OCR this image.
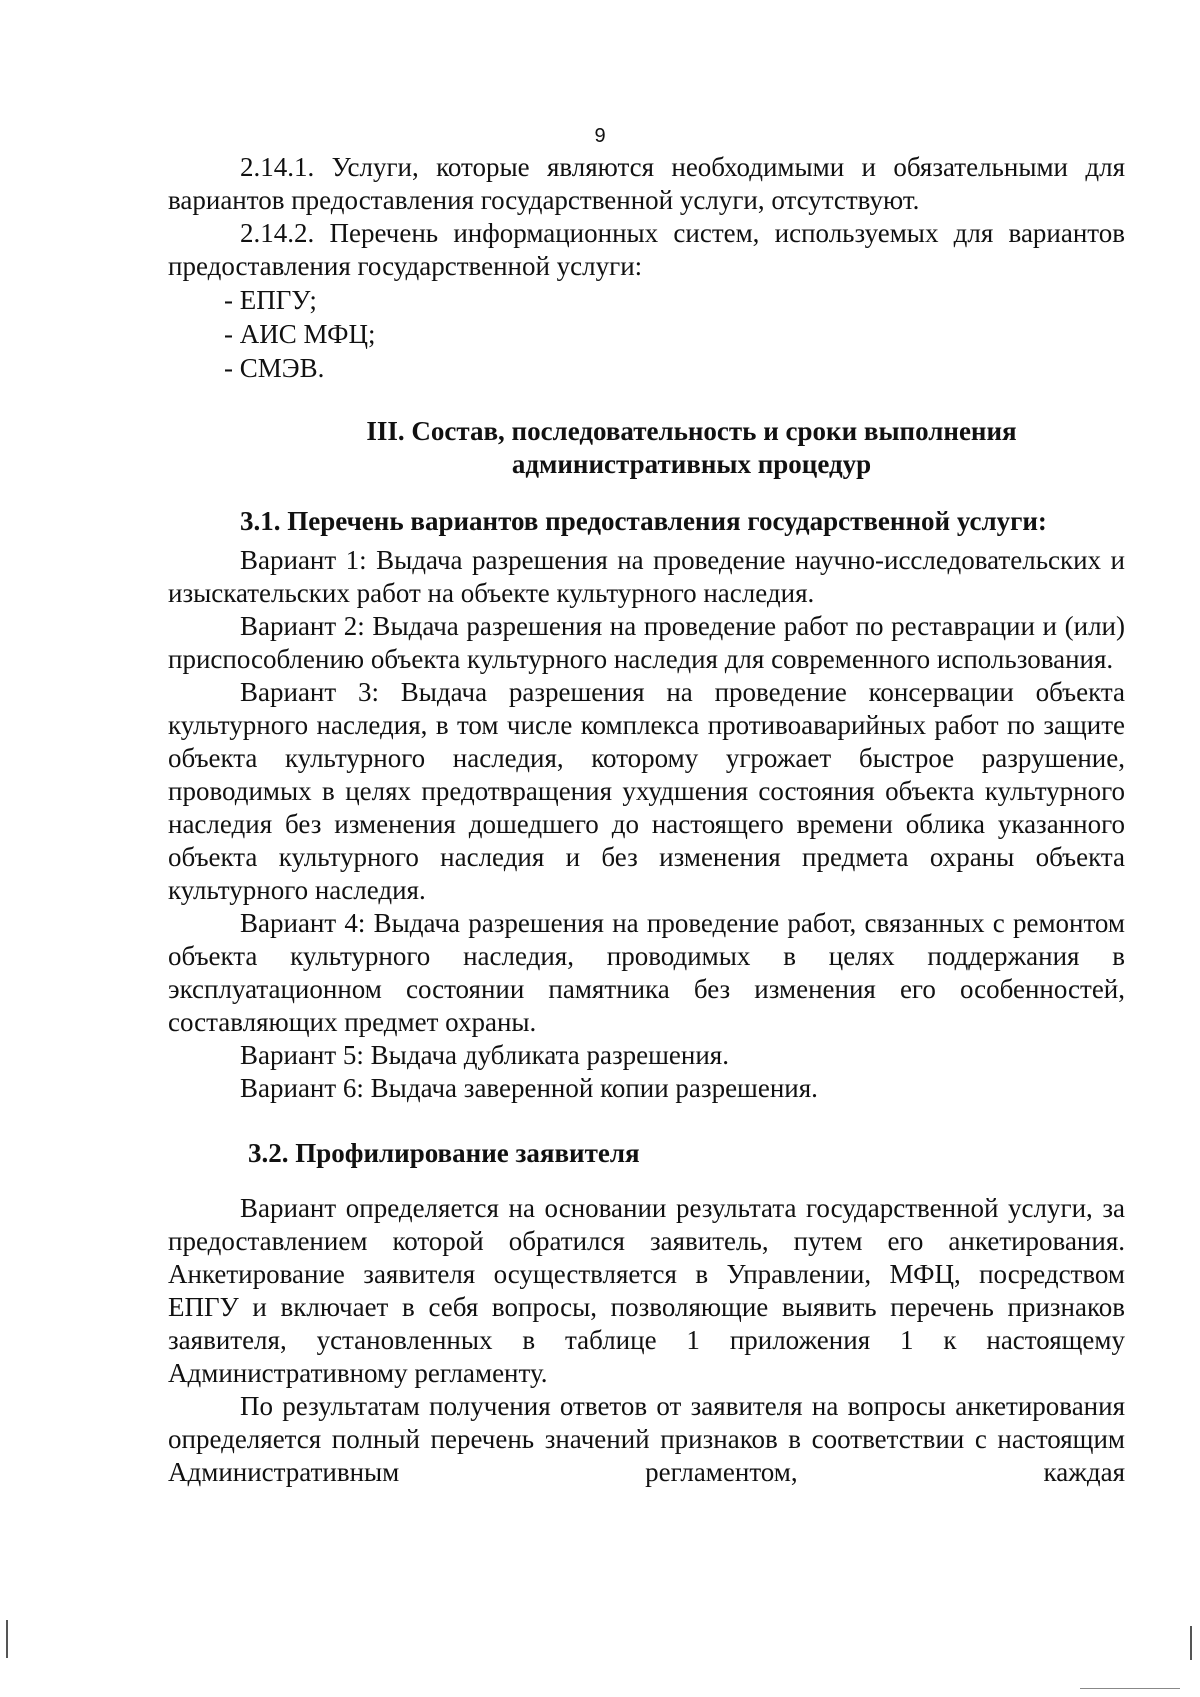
9

2.14.1. Услуги, которые являются необходимыми и обязательными для вариантов предоставления государственной услуги, отсутствуют.

2.14.2. Перечень информационных систем, используемых для вариантов предоставления государственной услуги:

- ЕПГУ;
- АИС МФЦ;
- СМЭВ.
III. Состав, последовательность и сроки выполнения
административных процедур
3.1. Перечень вариантов предоставления государственной услуги:

Вариант 1: Выдача разрешения на проведение научно-исследовательских и изыскательских работ на объекте культурного наследия.

Вариант 2: Выдача разрешения на проведение работ по реставрации и (или) приспособлению объекта культурного наследия для современного использования.

Вариант 3: Выдача разрешения на проведение консервации объекта культурного наследия, в том числе комплекса противоаварийных работ по защите объекта культурного наследия, которому угрожает быстрое разрушение, проводимых в целях предотвращения ухудшения состояния объекта культурного наследия без изменения дошедшего до настоящего времени облика указанного объекта культурного наследия и без изменения предмета охраны объекта культурного наследия.

Вариант 4: Выдача разрешения на проведение работ, связанных с ремонтом объекта культурного наследия, проводимых в целях поддержания в эксплуатационном состоянии памятника без изменения его особенностей, составляющих предмет охраны.

Вариант 5: Выдача дубликата разрешения.

Вариант 6: Выдача заверенной копии разрешения.

3.2. Профилирование заявителя

Вариант определяется на основании результата государственной услуги, за предоставлением которой обратился заявитель, путем его анкетирования. Анкетирование заявителя осуществляется в Управлении, МФЦ, посредством ЕПГУ и включает в себя вопросы, позволяющие выявить перечень признаков заявителя, установленных в таблице 1 приложения 1 к настоящему Административному регламенту.

По результатам получения ответов от заявителя на вопросы анкетирования определяется полный перечень значений признаков в соответствии с настоящим Административным регламентом, каждая
